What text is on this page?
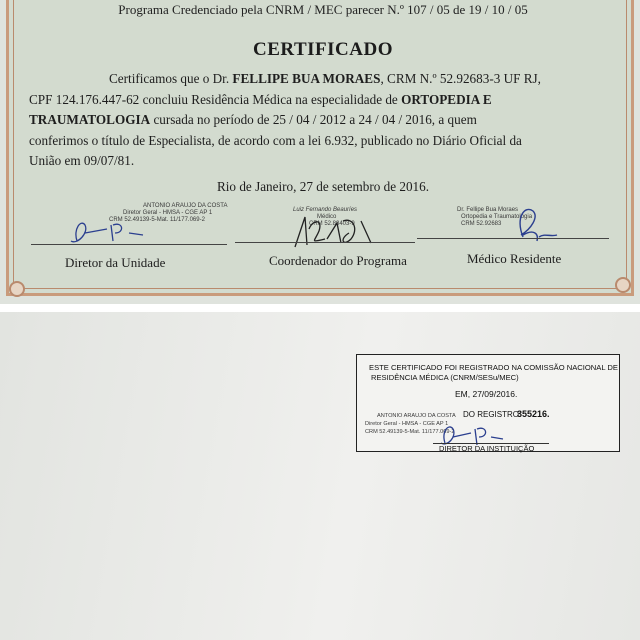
Programa Credenciado pela CNRM / MEC parecer N.º 107 / 05 de 19 / 10 / 05
CERTIFICADO

Certificamos que o Dr. FELLIPE BUA MORAES, CRM N.º 52.92683-3 UF RJ,

CPF 124.176.447-62 concluiu Residência Médica na especialidade de ORTOPEDIA E
TRAUMATOLOGIA cursada no período de 25 / 04 / 2012 a 24 / 04 / 2016, a quem
conferimos o título de Especialista, de acordo com a lei 6.932, publicado no Diário Oficial da
União em 09/07/81.

Rio de Janeiro, 27 de setembro de 2016.
ANTONIO ARAUJO DA COSTA
Diretor Geral - HMSA - CGE AP 1
CRM 52.49139-5-Mat. 11/177.069-2
Diretor da Unidade
Luiz Fernando Beauríes
Médico
CRM 52.88403-9
Coordenador do Programa
Dr. Fellipe Bua Moraes
Ortopedia e Traumatologia
CRM 52.92683
Médico Residente
ESTE CERTIFICADO FOI REGISTRADO NA COMISSÃO NACIONAL DE
RESIDÊNCIA MÉDICA (CNRM/SESu/MEC)
EM, 27/09/2016.
ANTONIO ARAUJO DA COSTA
Diretor Geral - HMSA - CGE AP 1
CRM 52.49139-5-Mat. 11/177.069-2
DO REGISTRO:
355216.
DIRETOR DA INSTITUIÇÃO
